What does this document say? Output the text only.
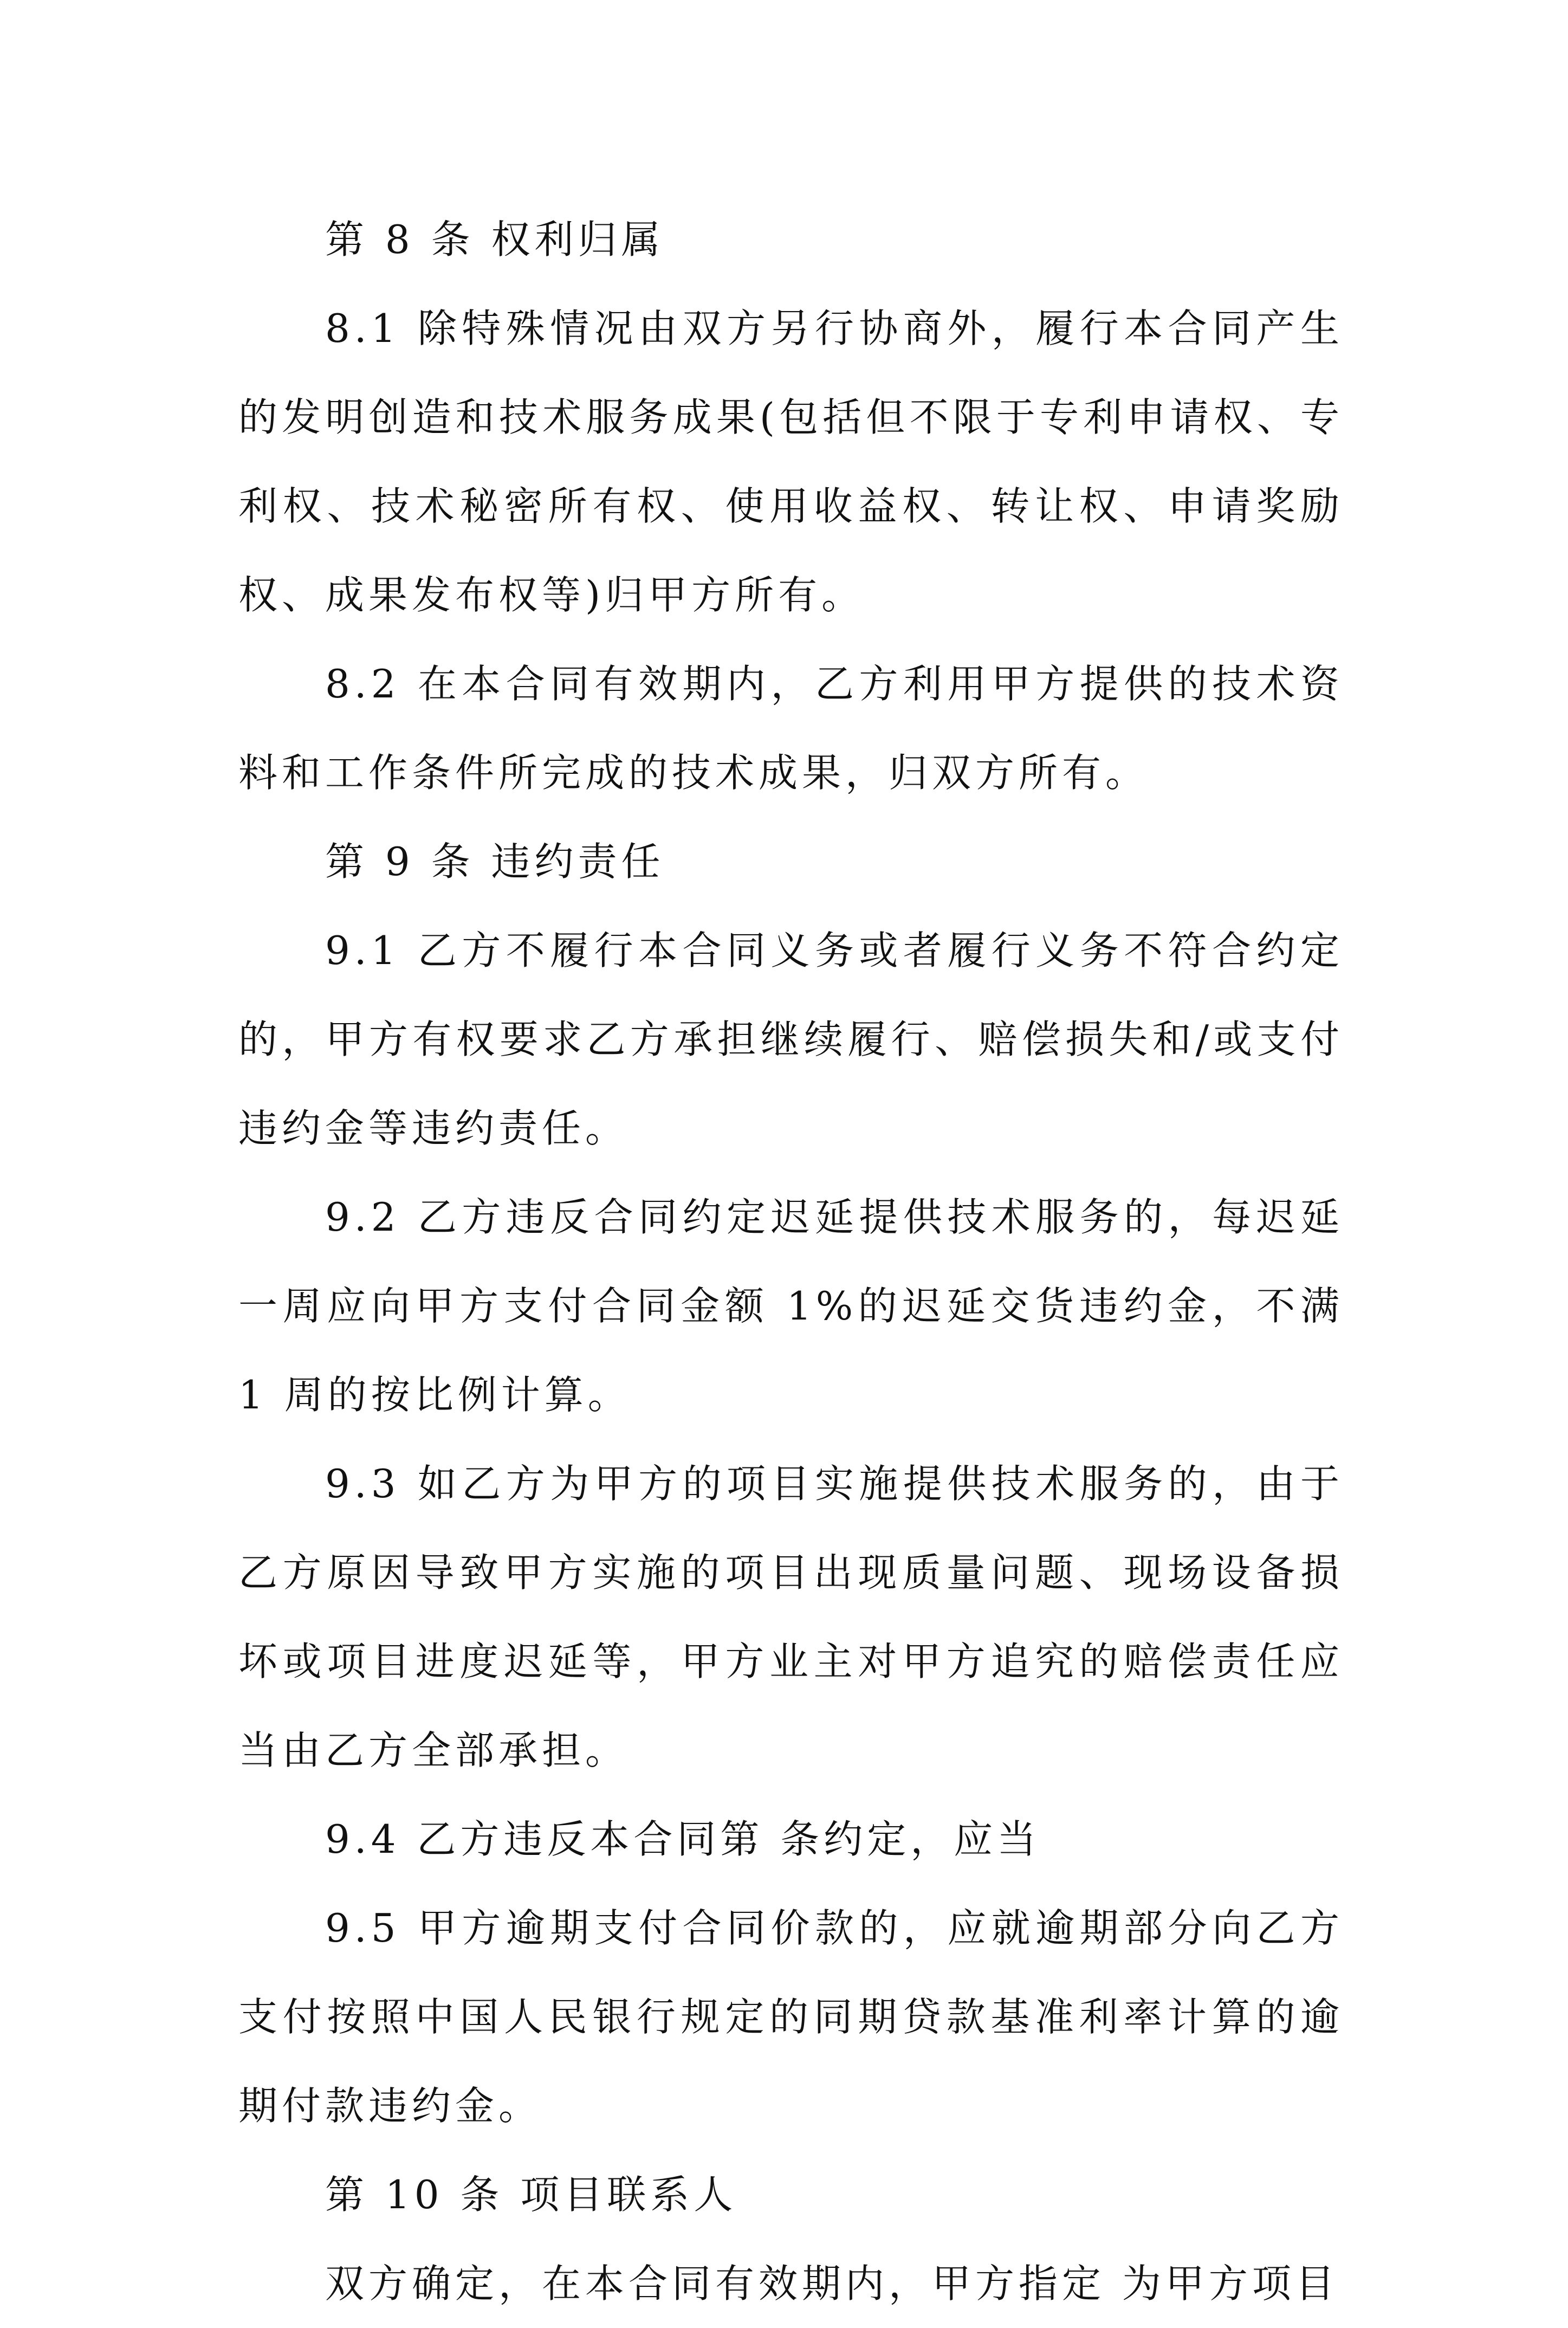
第 8 条 权利归属

8.1 除特殊情况由双方另行协商外，履行本合同产生的发明创造和技术服务成果(包括但不限于专利申请权、专利权、技术秘密所有权、使用收益权、转让权、申请奖励权、成果发布权等)归甲方所有。

8.2 在本合同有效期内，乙方利用甲方提供的技术资料和工作条件所完成的技术成果，归双方所有。

第 9 条 违约责任

9.1 乙方不履行本合同义务或者履行义务不符合约定的，甲方有权要求乙方承担继续履行、赔偿损失和/或支付违约金等违约责任。

9.2 乙方违反合同约定迟延提供技术服务的，每迟延一周应向甲方支付合同金额 1%的迟延交货违约金，不满 1 周的按比例计算。

9.3 如乙方为甲方的项目实施提供技术服务的，由于乙方原因导致甲方实施的项目出现质量问题、现场设备损坏或项目进度迟延等，甲方业主对甲方追究的赔偿责任应当由乙方全部承担。

9.4 乙方违反本合同第 条约定，应当

9.5 甲方逾期支付合同价款的，应就逾期部分向乙方支付按照中国人民银行规定的同期贷款基准利率计算的逾期付款违约金。

第 10 条 项目联系人

双方确定，在本合同有效期内，甲方指定 为甲方项目
